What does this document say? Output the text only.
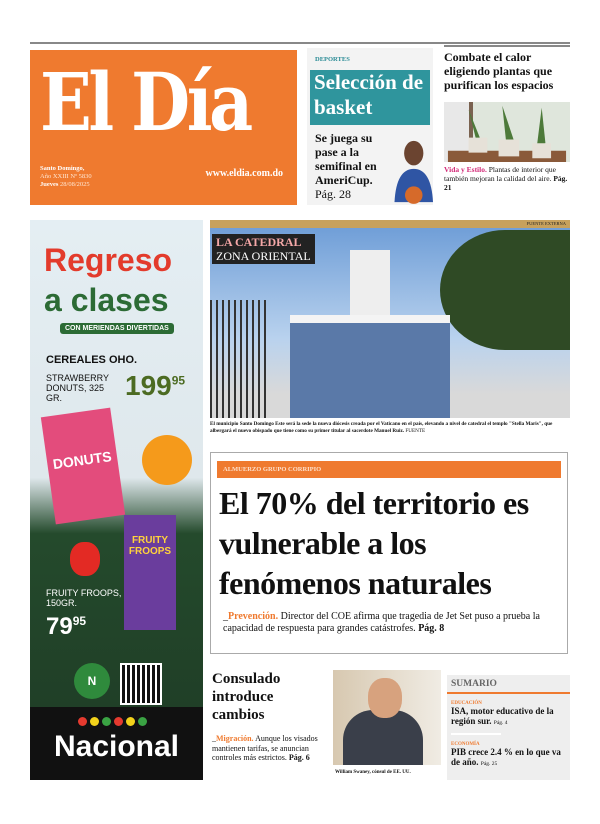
El Día
Santo Domingo,
Año XXIII Nº 5830
Jueves 28/08/2025
www.eldia.com.do
DEPORTES
Selección de basket
Se juega su pase a la semifinal en AmeriCup.
Pág. 28
Combate el calor eligiendo plantas que purifican los espacios

Vida y Estilo. Plantas de interior que también mejoran la calidad del aire. Pág. 21

Regreso
a clases
CON MERIENDAS DIVERTIDAS
CEREALES OHO.
STRAWBERRY DONUTS, 325 GR.	$199^{95}$
DONUTS
FRUITY FROOPS
FRUITY FROOPS, 150GR.
$79^{95}$
N
Nacional
FUENTE EXTERNA
LA CATEDRAL
ZONA ORIENTAL
El municipio Santo Domingo Este será la sede la nueva diócesis creada por el Vaticano en el país, elevando a nivel de catedral el templo "Stella Maris", que albergará el nuevo obispado que tiene como su primer titular al sacerdote Manuel Ruiz. FUENTE
ALMUERZO GRUPO CORRIPIO
El 70% del territorio es vulnerable a los fenómenos naturales

_Prevención. Director del COE afirma que tragedia de Jet Set puso a prueba la capacidad de respuesta para grandes catástrofes. Pág. 8

Consulado introduce cambios

_Migración. Aunque los visados mantienen tarifas, se anuncian controles más estrictos. Pág. 6

William Swaney, cónsul de EE. UU.
SUMARIO
EDUCACIÓN
ISA, motor educativo de la región sur. Pág. 4
ECONOMÍA
PIB crece 2.4 % en lo que va de año. Pág. 25
